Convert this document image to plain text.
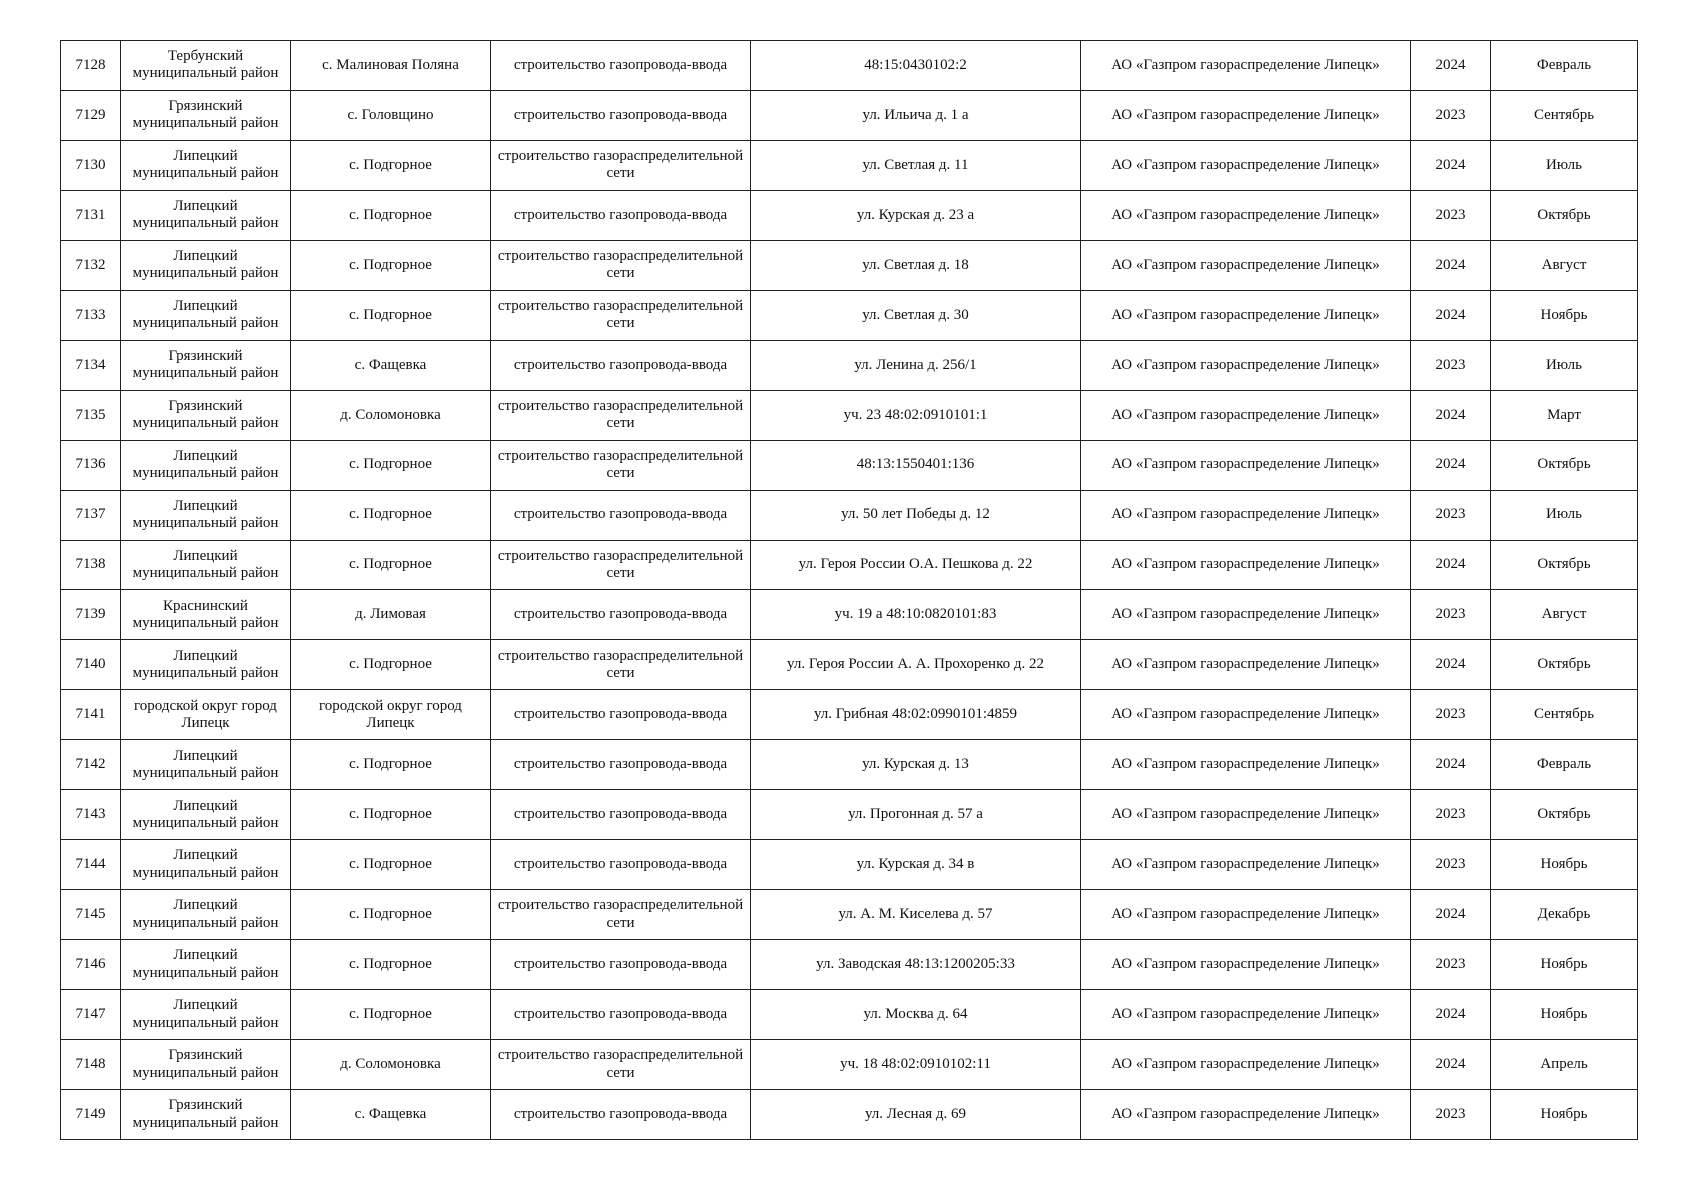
7128	Тербунский муниципальный район	с. Малиновая Поляна	строительство газопровода-ввода	48:15:0430102:2	АО «Газпром газораспределение Липецк»	2024	Февраль
7129	Грязинский муниципальный район	с. Головщино	строительство газопровода-ввода	ул. Ильича д. 1 а	АО «Газпром газораспределение Липецк»	2023	Сентябрь
7130	Липецкий муниципальный район	с. Подгорное	строительство газораспределительной сети	ул. Светлая д. 11	АО «Газпром газораспределение Липецк»	2024	Июль
7131	Липецкий муниципальный район	с. Подгорное	строительство газопровода-ввода	ул. Курская д. 23 а	АО «Газпром газораспределение Липецк»	2023	Октябрь
7132	Липецкий муниципальный район	с. Подгорное	строительство газораспределительной сети	ул. Светлая д. 18	АО «Газпром газораспределение Липецк»	2024	Август
7133	Липецкий муниципальный район	с. Подгорное	строительство газораспределительной сети	ул. Светлая д. 30	АО «Газпром газораспределение Липецк»	2024	Ноябрь
7134	Грязинский муниципальный район	с. Фащевка	строительство газопровода-ввода	ул. Ленина д. 256/1	АО «Газпром газораспределение Липецк»	2023	Июль
7135	Грязинский муниципальный район	д. Соломоновка	строительство газораспределительной сети	уч. 23 48:02:0910101:1	АО «Газпром газораспределение Липецк»	2024	Март
7136	Липецкий муниципальный район	с. Подгорное	строительство газораспределительной сети	48:13:1550401:136	АО «Газпром газораспределение Липецк»	2024	Октябрь
7137	Липецкий муниципальный район	с. Подгорное	строительство газопровода-ввода	ул. 50 лет Победы д. 12	АО «Газпром газораспределение Липецк»	2023	Июль
7138	Липецкий муниципальный район	с. Подгорное	строительство газораспределительной сети	ул. Героя России О.А. Пешкова д. 22	АО «Газпром газораспределение Липецк»	2024	Октябрь
7139	Краснинский муниципальный район	д. Лимовая	строительство газопровода-ввода	уч. 19 а 48:10:0820101:83	АО «Газпром газораспределение Липецк»	2023	Август
7140	Липецкий муниципальный район	с. Подгорное	строительство газораспределительной сети	ул. Героя России А. А. Прохоренко д. 22	АО «Газпром газораспределение Липецк»	2024	Октябрь
7141	городской округ город Липецк	городской округ город Липецк	строительство газопровода-ввода	ул. Грибная 48:02:0990101:4859	АО «Газпром газораспределение Липецк»	2023	Сентябрь
7142	Липецкий муниципальный район	с. Подгорное	строительство газопровода-ввода	ул. Курская д. 13	АО «Газпром газораспределение Липецк»	2024	Февраль
7143	Липецкий муниципальный район	с. Подгорное	строительство газопровода-ввода	ул. Прогонная д. 57 а	АО «Газпром газораспределение Липецк»	2023	Октябрь
7144	Липецкий муниципальный район	с. Подгорное	строительство газопровода-ввода	ул. Курская д. 34 в	АО «Газпром газораспределение Липецк»	2023	Ноябрь
7145	Липецкий муниципальный район	с. Подгорное	строительство газораспределительной сети	ул. А. М. Киселева д. 57	АО «Газпром газораспределение Липецк»	2024	Декабрь
7146	Липецкий муниципальный район	с. Подгорное	строительство газопровода-ввода	ул. Заводская 48:13:1200205:33	АО «Газпром газораспределение Липецк»	2023	Ноябрь
7147	Липецкий муниципальный район	с. Подгорное	строительство газопровода-ввода	ул. Москва д. 64	АО «Газпром газораспределение Липецк»	2024	Ноябрь
7148	Грязинский муниципальный район	д. Соломоновка	строительство газораспределительной сети	уч. 18 48:02:0910102:11	АО «Газпром газораспределение Липецк»	2024	Апрель
7149	Грязинский муниципальный район	с. Фащевка	строительство газопровода-ввода	ул. Лесная д. 69	АО «Газпром газораспределение Липецк»	2023	Ноябрь
